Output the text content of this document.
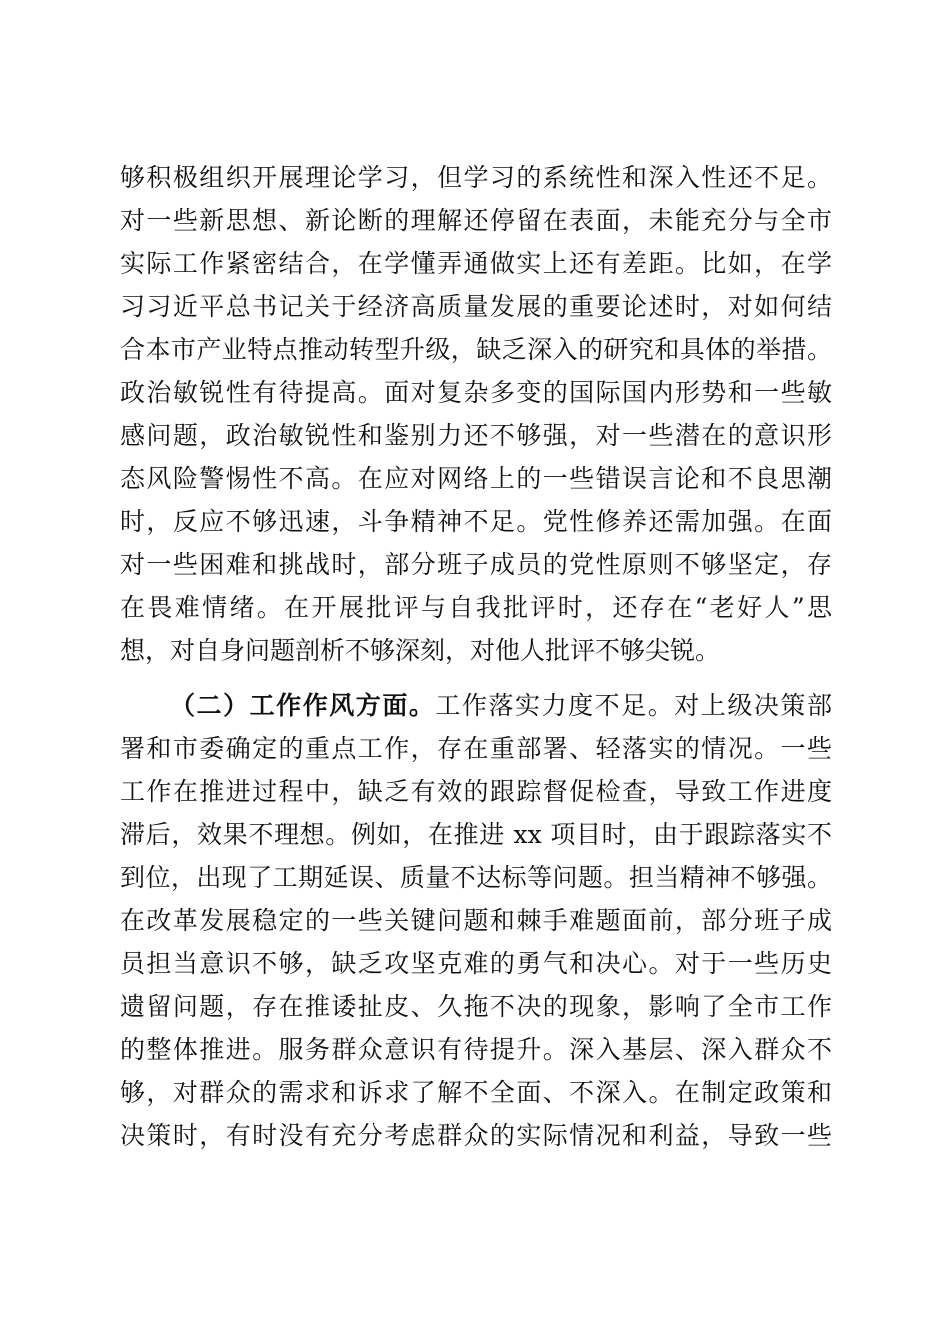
够积极组织开展理论学习，但学习的系统性和深入性还不足。
对一些新思想、新论断的理解还停留在表面，未能充分与全市
实际工作紧密结合，在学懂弄通做实上还有差距。比如，在学
习习近平总书记关于经济高质量发展的重要论述时，对如何结
合本市产业特点推动转型升级，缺乏深入的研究和具体的举措。
政治敏锐性有待提高。面对复杂多变的国际国内形势和一些敏
感问题，政治敏锐性和鉴别力还不够强，对一些潜在的意识形
态风险警惕性不高。在应对网络上的一些错误言论和不良思潮
时，反应不够迅速，斗争精神不足。党性修养还需加强。在面
对一些困难和挑战时，部分班子成员的党性原则不够坚定，存
在畏难情绪。在开展批评与自我批评时，还存在“老好人”思
想，对自身问题剖析不够深刻，对他人批评不够尖锐。
（二）工作作风方面。工作落实力度不足。对上级决策部
署和市委确定的重点工作，存在重部署、轻落实的情况。一些
工作在推进过程中，缺乏有效的跟踪督促检查，导致工作进度
滞后，效果不理想。例如，在推进 xx 项目时，由于跟踪落实不
到位，出现了工期延误、质量不达标等问题。担当精神不够强。
在改革发展稳定的一些关键问题和棘手难题面前，部分班子成
员担当意识不够，缺乏攻坚克难的勇气和决心。对于一些历史
遗留问题，存在推诿扯皮、久拖不决的现象，影响了全市工作
的整体推进。服务群众意识有待提升。深入基层、深入群众不
够，对群众的需求和诉求了解不全面、不深入。在制定政策和
决策时，有时没有充分考虑群众的实际情况和利益，导致一些
